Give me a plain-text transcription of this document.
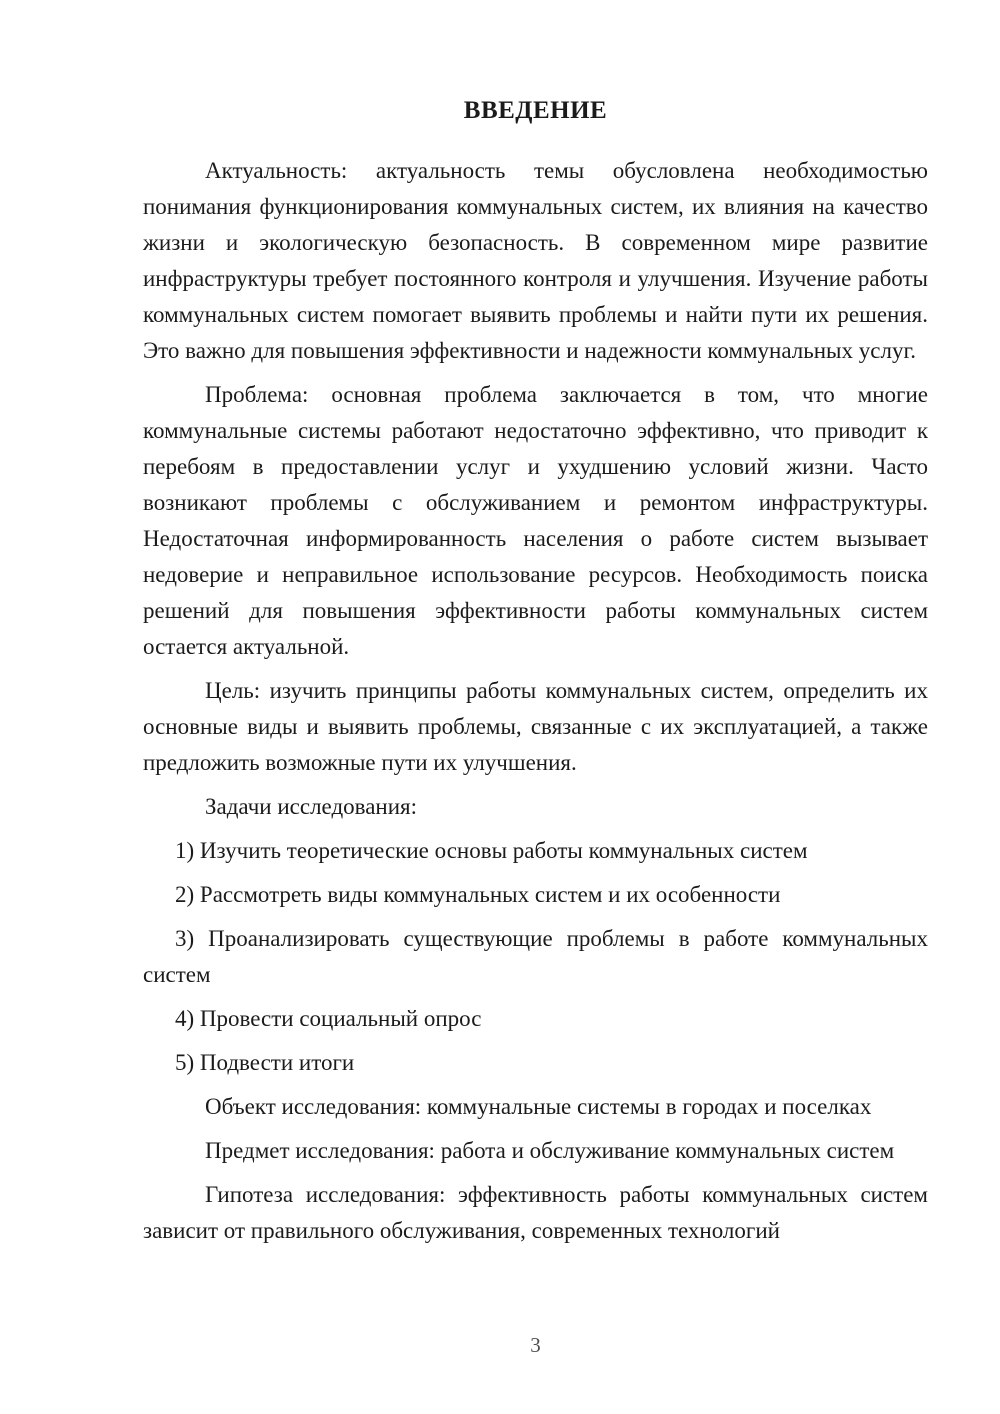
ВВЕДЕНИЕ

Актуальность: актуальность темы обусловлена необходимостью понимания функционирования коммунальных систем, их влияния на качество жизни и экологическую безопасность. В современном мире развитие инфраструктуры требует постоянного контроля и улучшения. Изучение работы коммунальных систем помогает выявить проблемы и найти пути их решения. Это важно для повышения эффективности и надежности коммунальных услуг.

Проблема: основная проблема заключается в том, что многие коммунальные системы работают недостаточно эффективно, что приводит к перебоям в предоставлении услуг и ухудшению условий жизни. Часто возникают проблемы с обслуживанием и ремонтом инфраструктуры. Недостаточная информированность населения о работе систем вызывает недоверие и неправильное использование ресурсов. Необходимость поиска решений для повышения эффективности работы коммунальных систем остается актуальной.

Цель: изучить принципы работы коммунальных систем, определить их основные виды и выявить проблемы, связанные с их эксплуатацией, а также предложить возможные пути их улучшения.

Задачи исследования:

1) Изучить теоретические основы работы коммунальных систем
2) Рассмотреть виды коммунальных систем и их особенности
3) Проанализировать существующие проблемы в работе коммунальных систем
4) Провести социальный опрос
5) Подвести итоги

Объект исследования: коммунальные системы в городах и поселках

Предмет исследования: работа и обслуживание коммунальных систем

Гипотеза исследования: эффективность работы коммунальных систем зависит от правильного обслуживания, современных технологий

3
